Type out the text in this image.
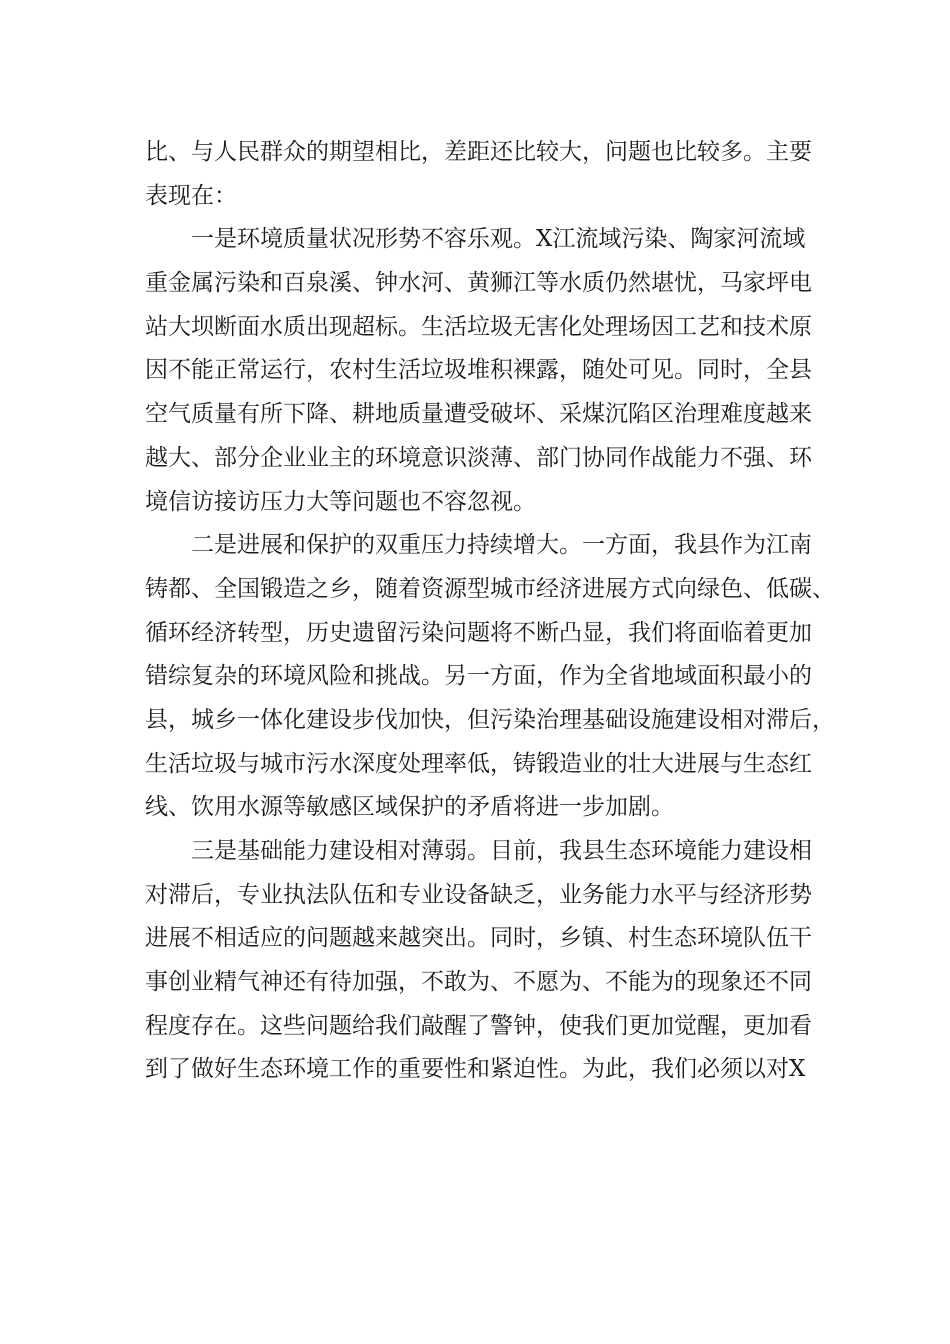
比、与人民群众的期望相比，差距还比较大，问题也比较多。主要
表现在：
一是环境质量状况形势不容乐观。X江流域污染、陶家河流域
重金属污染和百泉溪、钟水河、黄狮江等水质仍然堪忧，马家坪电
站大坝断面水质出现超标。生活垃圾无害化处理场因工艺和技术原
因不能正常运行，农村生活垃圾堆积裸露，随处可见。同时，全县
空气质量有所下降、耕地质量遭受破坏、采煤沉陷区治理难度越来
越大、部分企业业主的环境意识淡薄、部门协同作战能力不强、环
境信访接访压力大等问题也不容忽视。
二是进展和保护的双重压力持续增大。一方面，我县作为江南
铸都、全国锻造之乡，随着资源型城市经济进展方式向绿色、低碳、
循环经济转型，历史遗留污染问题将不断凸显，我们将面临着更加
错综复杂的环境风险和挑战。另一方面，作为全省地域面积最小的
县，城乡一体化建设步伐加快，但污染治理基础设施建设相对滞后，
生活垃圾与城市污水深度处理率低，铸锻造业的壮大进展与生态红
线、饮用水源等敏感区域保护的矛盾将进一步加剧。
三是基础能力建设相对薄弱。目前，我县生态环境能力建设相
对滞后，专业执法队伍和专业设备缺乏，业务能力水平与经济形势
进展不相适应的问题越来越突出。同时，乡镇、村生态环境队伍干
事创业精气神还有待加强，不敢为、不愿为、不能为的现象还不同
程度存在。这些问题给我们敲醒了警钟，使我们更加觉醒，更加看
到了做好生态环境工作的重要性和紧迫性。为此，我们必须以对X
